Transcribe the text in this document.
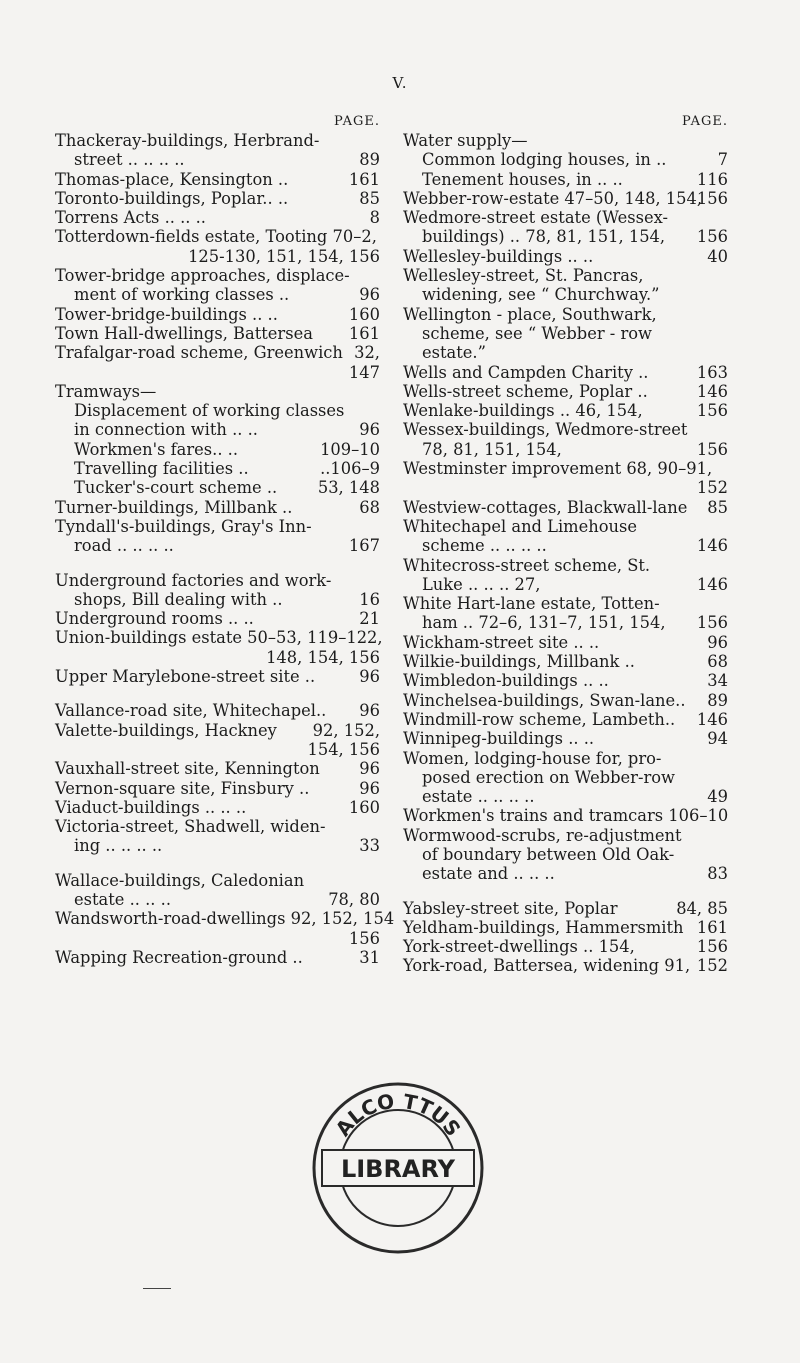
V.
PAGE.
Thackeray-buildings, Herbrand-
street .. .. .. ..	89
Thomas-place, Kensington ..	161
Toronto-buildings, Poplar.. ..	85
Torrens Acts .. .. ..	8
Totterdown-fields estate, Tooting 70–2,
125-130, 151, 154, 156
Tower-bridge approaches, displace-
ment of working classes ..	96
Tower-bridge-buildings .. ..	160
Town Hall-dwellings, Battersea 161
Trafalgar-road scheme, Greenwich 32,
147
Tramways—
Displacement of working classes
in connection with .. ..	96
Workmen's fares.. ..	109–10
Travelling facilities ..	..106–9
Tucker's-court scheme .. 53, 148
Turner-buildings, Millbank ..	68
Tyndall's-buildings, Gray's Inn-
road .. .. .. ..	167
Underground factories and work-
shops, Bill dealing with ..	16
Underground rooms .. ..	21
Union-buildings estate 50–53, 119–122,
148, 154, 156
Upper Marylebone-street site ..	96
Vallance-road site, Whitechapel.. 96
Valette-buildings, Hackney 92, 152,
154, 156
Vauxhall-street site, Kennington 96
Vernon-square site, Finsbury ..	96
Viaduct-buildings .. .. ..	160
Victoria-street, Shadwell, widen-
ing .. .. .. ..	33
Wallace-buildings, Caledonian
estate .. .. ..	78, 80
Wandsworth-road-dwellings 92, 152, 154
156
Wapping Recreation-ground ..	31
PAGE.
Water supply—
Common lodging houses, in ..	7
Tenement houses, in .. ..	116
Webber-row-estate 47–50, 148, 154,
156
Wedmore-street estate (Wessex-
buildings) .. 78, 81, 151, 154, 156
Wellesley-buildings .. ..	40
Wellesley-street, St. Pancras,
widening, see “ Churchway.”
Wellington - place, Southwark,
scheme, see “ Webber - row
estate.”
Wells and Campden Charity ..	163
Wells-street scheme, Poplar ..	146
Wenlake-buildings .. 46, 154,	156
Wessex-buildings, Wedmore-street
78, 81, 151, 154,	156
Westminster improvement 68, 90–91,
152
Westview-cottages, Blackwall-lane 85
Whitechapel and Limehouse
scheme .. .. .. ..	146
Whitecross-street scheme, St.
Luke .. .. .. 27,	146
White Hart-lane estate, Totten-
ham .. 72–6, 131–7, 151, 154, 156
Wickham-street site .. ..	96
Wilkie-buildings, Millbank ..	68
Wimbledon-buildings .. ..	34
Winchelsea-buildings, Swan-lane.. 89
Windmill-row scheme, Lambeth.. 146
Winnipeg-buildings .. ..	94
Women, lodging-house for, pro-
posed erection on Webber-row
estate .. .. .. ..	49
Workmen's trains and tramcars 106–10
Wormwood-scrubs, re-adjustment
of boundary between Old Oak-
estate and .. .. ..	83
Yabsley-street site, Poplar	84, 85
Yeldham-buildings, Hammersmith 161
York-street-dwellings .. 154,	156
York-road, Battersea, widening 91, 152
LIBRARY
ALCO TTUS
